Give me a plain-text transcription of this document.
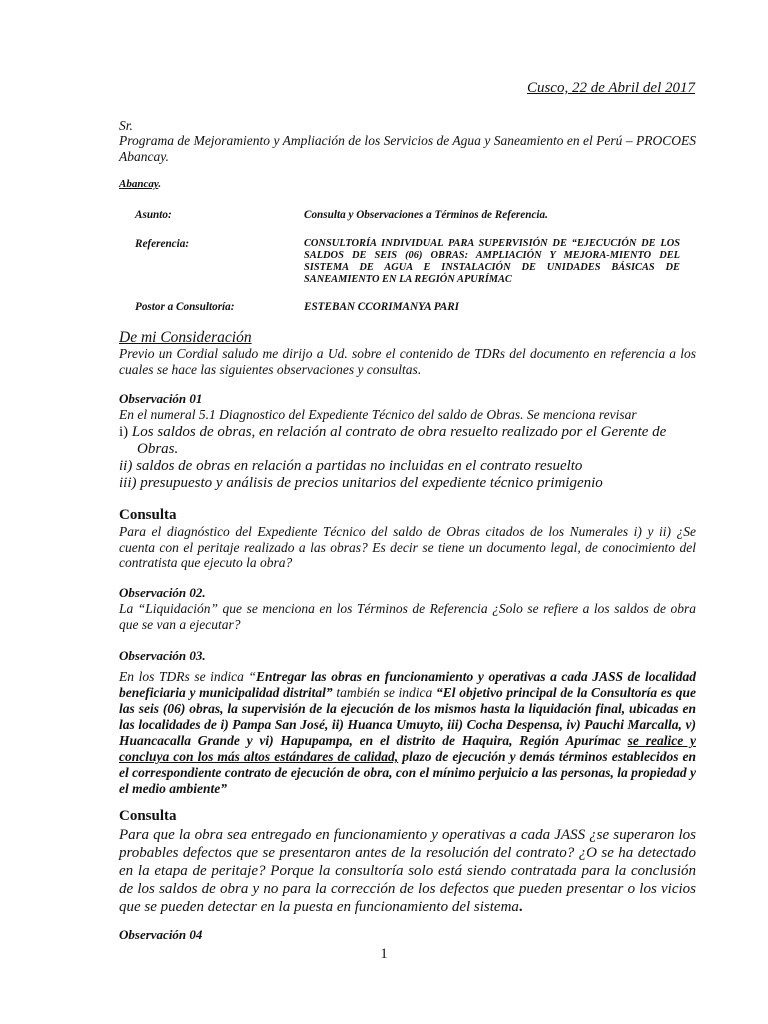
Cusco, 22 de Abril del 2017
Sr.
Programa de Mejoramiento y Ampliación de los Servicios de Agua y Saneamiento en el Perú – PROCOES Abancay.
Abancay.
Asunto:	Consulta y Observaciones a Términos de Referencia.
Referencia:	CONSULTORÍA INDIVIDUAL PARA SUPERVISIÓN DE “EJECUCIÓN DE LOS SALDOS DE SEIS (06) OBRAS: AMPLIACIÓN Y MEJORA-MIENTO DEL SISTEMA DE AGUA E INSTALACIÓN DE UNIDADES BÁSICAS DE SANEAMIENTO EN LA REGIÓN APURÍMAC
Postor a Consultoría:	ESTEBAN CCORIMANYA PARI
De mi Consideración
Previo un Cordial saludo me dirijo a Ud. sobre el contenido de TDRs del documento en referencia a los cuales se hace las siguientes observaciones y consultas.
Observación 01
En el numeral 5.1 Diagnostico del Expediente Técnico del saldo de Obras. Se menciona revisar
i) Los saldos de obras, en relación al contrato de obra resuelto realizado por el Gerente de
Obras.
ii) saldos de obras en relación a partidas no incluidas en el contrato resuelto
iii) presupuesto y análisis de precios unitarios del expediente técnico primigenio
Consulta
Para el diagnóstico del Expediente Técnico del saldo de Obras citados de los Numerales i) y ii) ¿Se cuenta con el peritaje realizado a las obras? Es decir se tiene un documento legal, de conocimiento del contratista que ejecuto la obra?
Observación 02.
La “Liquidación” que se menciona en los Términos de Referencia ¿Solo se refiere a los saldos de obra que se van a ejecutar?
Observación 03.
En los TDRs se indica “Entregar las obras en funcionamiento y operativas a cada JASS de localidad beneficiaria y municipalidad distrital” también se indica “El objetivo principal de la Consultoría es que las seis (06) obras, la supervisión de la ejecución de los mismos hasta la liquidación final, ubicadas en las localidades de i) Pampa San José, ii) Huanca Umuyto, iii) Cocha Despensa, iv) Pauchi Marcalla, v) Huancacalla Grande y vi) Hapupampa, en el distrito de Haquira, Región Apurímac se realice y concluya con los más altos estándares de calidad, plazo de ejecución y demás términos establecidos en el correspondiente contrato de ejecución de obra, con el mínimo perjuicio a las personas, la propiedad y el medio ambiente”
Consulta
Para que la obra sea entregado en funcionamiento y operativas a cada JASS ¿se superaron los probables defectos que se presentaron antes de la resolución del contrato? ¿O se ha detectado en la etapa de peritaje? Porque la consultoría solo está siendo contratada para la conclusión de los saldos de obra y no para la corrección de los defectos que pueden presentar o los vicios que se pueden detectar en la puesta en funcionamiento del sistema.
Observación 04
1
